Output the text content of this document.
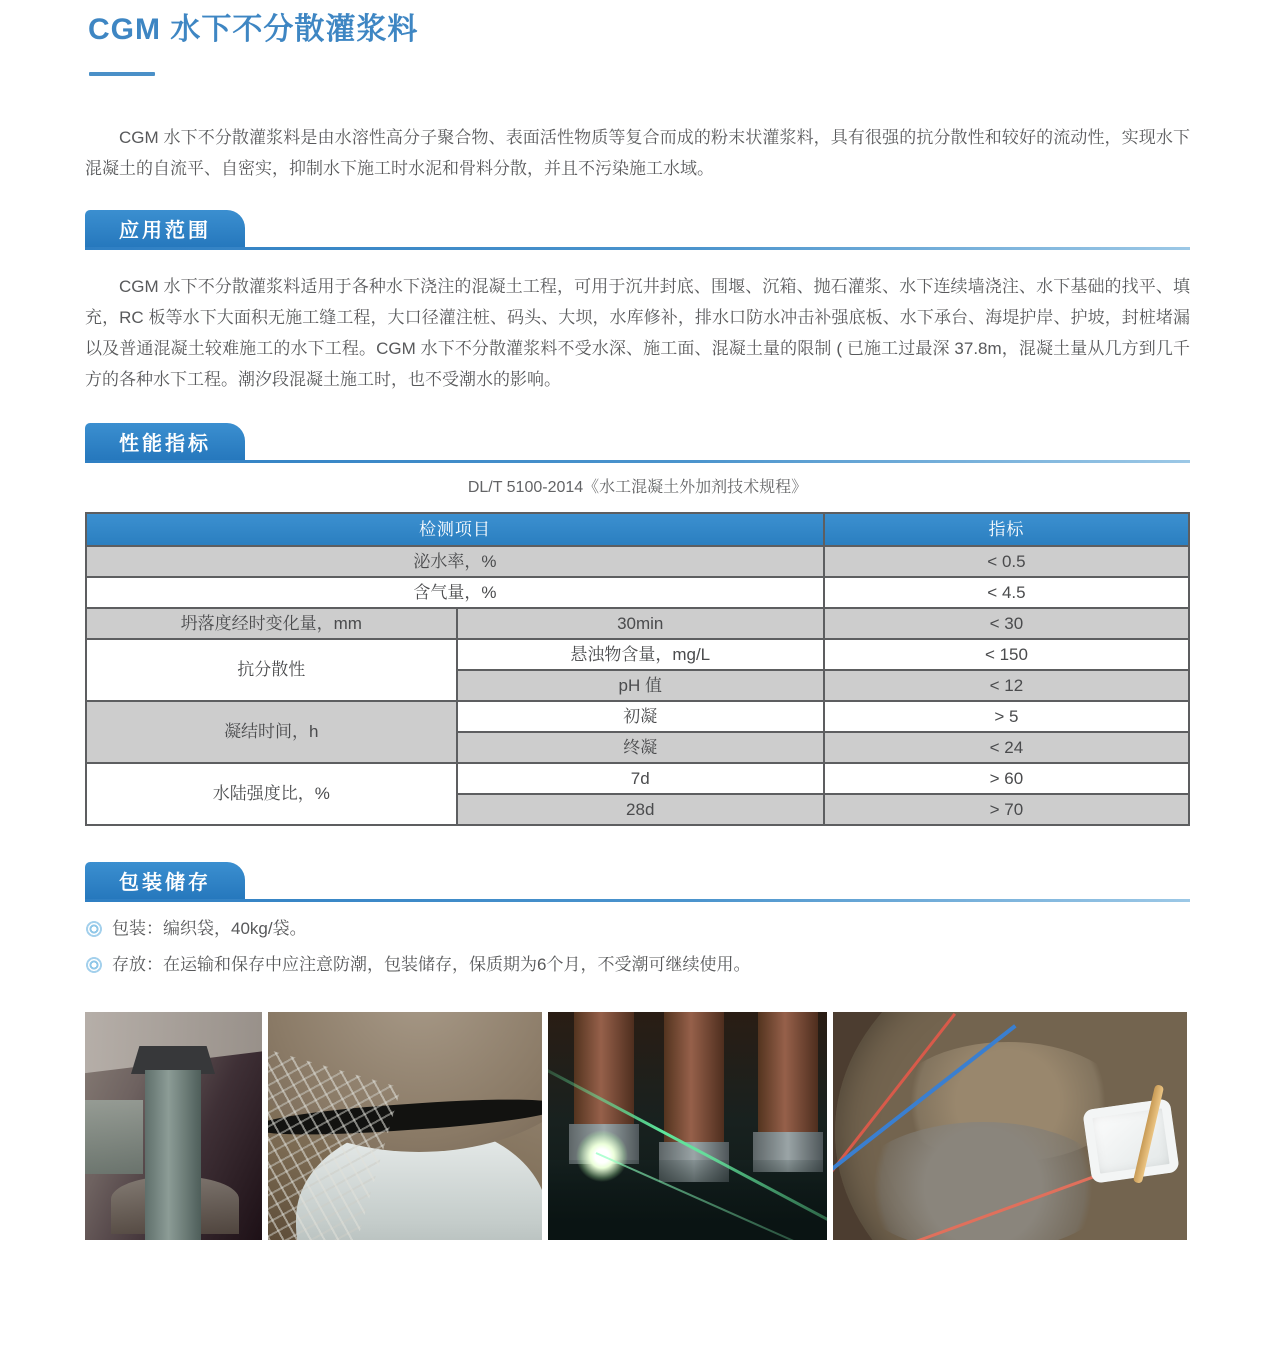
CGM 水下不分散灌浆料

CGM 水下不分散灌浆料是由水溶性高分子聚合物、表面活性物质等复合而成的粉末状灌浆料，具有很强的抗分散性和较好的流动性，实现水下混凝土的自流平、自密实，抑制水下施工时水泥和骨料分散，并且不污染施工水域。

应用范围

CGM 水下不分散灌浆料适用于各种水下浇注的混凝土工程，可用于沉井封底、围堰、沉箱、抛石灌浆、水下连续墙浇注、水下基础的找平、填充，RC 板等水下大面积无施工缝工程，大口径灌注桩、码头、大坝，水库修补，排水口防水冲击补强底板、水下承台、海堤护岸、护坡，封桩堵漏以及普通混凝土较难施工的水下工程。CGM 水下不分散灌浆料不受水深、施工面、混凝土量的限制 ( 已施工过最深 37.8m，混凝土量从几方到几千方的各种水下工程。潮汐段混凝土施工时，也不受潮水的影响。

性能指标
DL/T 5100-2014《水工混凝土外加剂技术规程》
检测项目		指标
泌水率，%		< 0.5
含气量，%		< 4.5
坍落度经时变化量，mm	30min	< 30
抗分散性	悬浊物含量，mg/L	< 150
	pH 值	< 12
凝结时间，h	初凝	> 5
	终凝	< 24
水陆强度比，%	7d	> 60
	28d	> 70
包装储存
包装：编织袋，40kg/袋。
存放：在运输和保存中应注意防潮，包装储存，保质期为6个月，不受潮可继续使用。
